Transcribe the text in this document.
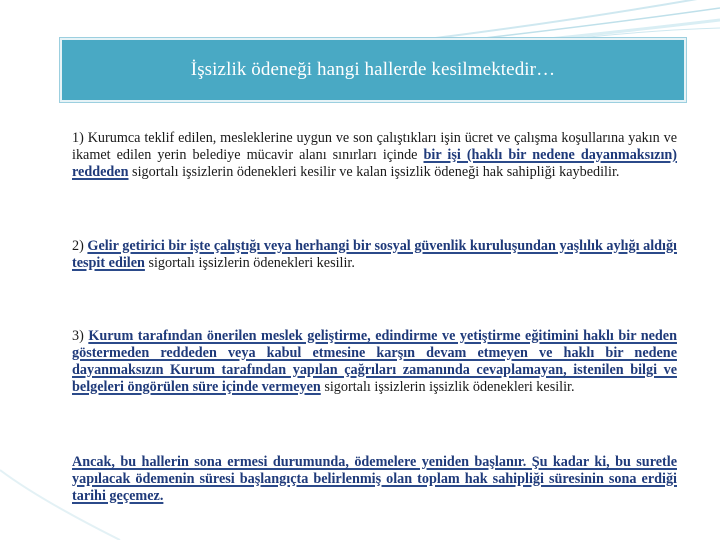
İşsizlik ödeneği hangi hallerde kesilmektedir…
1) Kurumca teklif edilen, mesleklerine uygun ve son çalıştıkları işin ücret ve çalışma koşullarına yakın ve ikamet edilen yerin belediye mücavir alanı sınırları içinde bir işi (haklı bir nedene dayanmaksızın) reddeden sigortalı işsizlerin ödenekleri kesilir ve kalan işsizlik ödeneği hak sahipliği kaybedilir.
2) Gelir getirici bir işte çalıştığı veya herhangi bir sosyal güvenlik kuruluşundan yaşlılık aylığı aldığı tespit edilen sigortalı işsizlerin ödenekleri kesilir.
3) Kurum tarafından önerilen meslek geliştirme, edindirme ve yetiştirme eğitimini haklı bir neden göstermeden reddeden veya kabul etmesine karşın devam etmeyen ve haklı bir nedene dayanmaksızın Kurum tarafından yapılan çağrıları zamanında cevaplamayan, istenilen bilgi ve belgeleri öngörülen süre içinde vermeyen sigortalı işsizlerin işsizlik ödenekleri kesilir.
Ancak, bu hallerin sona ermesi durumunda, ödemelere yeniden başlanır. Şu kadar ki, bu suretle yapılacak ödemenin süresi başlangıçta belirlenmiş olan toplam hak sahipliği süresinin sona erdiği tarihi geçemez.
